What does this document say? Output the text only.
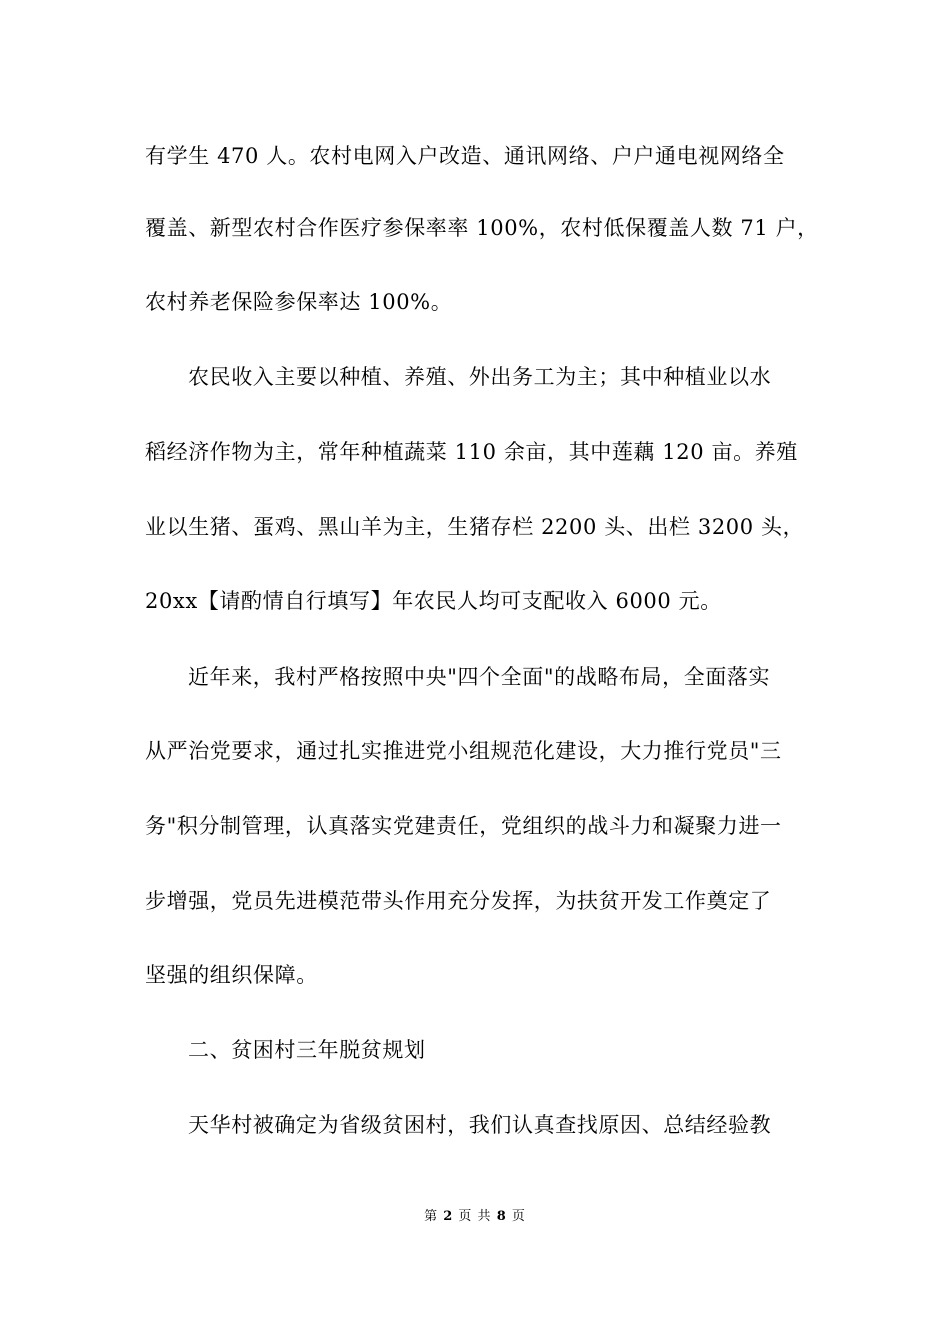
有学生 470 人。农村电网入户改造、通讯网络、户户通电视网络全
覆盖、新型农村合作医疗参保率率 100%，农村低保覆盖人数 71 户，
农村养老保险参保率达 100%。
农民收入主要以种植、养殖、外出务工为主；其中种植业以水
稻经济作物为主，常年种植蔬菜 110 余亩，其中莲藕 120 亩。养殖
业以生猪、蛋鸡、黑山羊为主，生猪存栏 2200 头、出栏 3200 头，
20xx【请酌情自行填写】年农民人均可支配收入 6000 元。
近年来，我村严格按照中央"四个全面"的战略布局，全面落实
从严治党要求，通过扎实推进党小组规范化建设，大力推行党员"三
务"积分制管理，认真落实党建责任，党组织的战斗力和凝聚力进一
步增强，党员先进模范带头作用充分发挥，为扶贫开发工作奠定了
坚强的组织保障。
二、贫困村三年脱贫规划
天华村被确定为省级贫困村，我们认真查找原因、总结经验教
第 2 页 共 8 页
